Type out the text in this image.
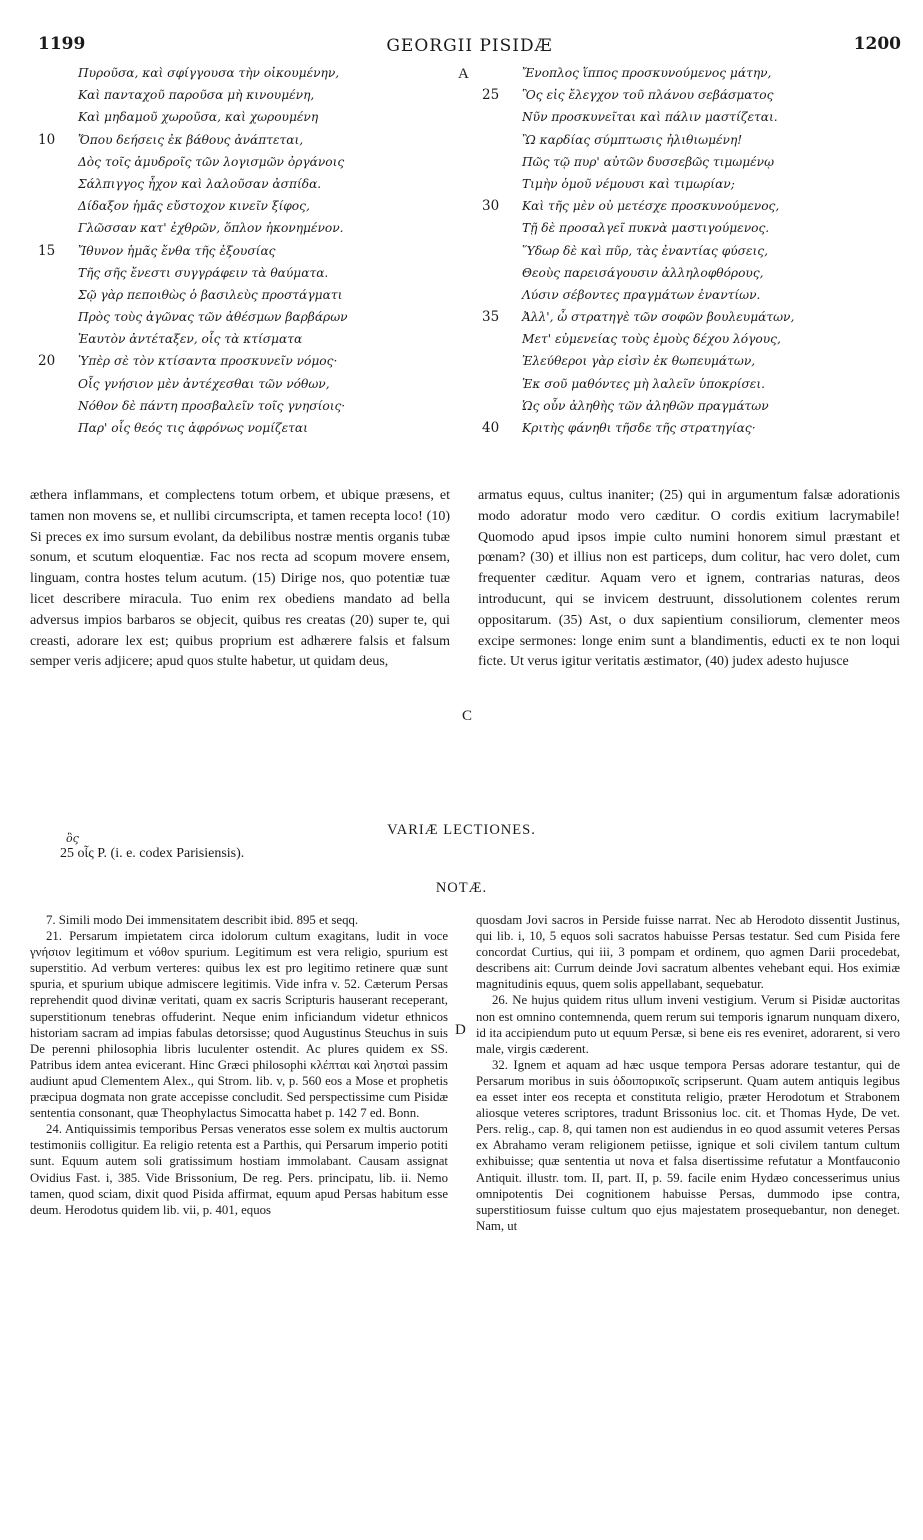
1199	GEORGII PISIDÆ	1200
A
C
D
Πυροῦσα, καὶ σφίγγουσα τὴν οἰκουμένην,
Καὶ πανταχοῦ παροῦσα μὴ κινουμένη,
Καὶ μηδαμοῦ χωροῦσα, καὶ χωρουμένη
10 Ὅπου δεήσεις ἐκ βάθους ἀνάπτεται,
Δὸς τοῖς ἀμυδροῖς τῶν λογισμῶν ὀργάνοις
Σάλπιγγος ἦχον καὶ λαλοῦσαν ἀσπίδα.
Δίδαξον ἡμᾶς εὔστοχον κινεῖν ξίφος,
Γλῶσσαν κατ' ἐχθρῶν, ὅπλον ἠκονημένον.
15 Ἴθυνον ἡμᾶς ἔνθα τῆς ἐξουσίας
Τῆς σῆς ἔνεστι συγγράφειν τὰ θαύματα.
Σῷ γὰρ πεποιθὼς ὁ βασιλεὺς προστάγματι
Πρὸς τοὺς ἀγῶνας τῶν ἀθέσμων βαρβάρων
Ἑαυτὸν ἀντέταξεν, οἷς τὰ κτίσματα
20 Ὑπὲρ σὲ τὸν κτίσαντα προσκυνεῖν νόμος·
Οἷς γνήσιον μὲν ἀντέχεσθαι τῶν νόθων,
Νόθον δὲ πάντη προσβαλεῖν τοῖς γνησίοις·
Παρ' οἷς θεός τις ἀφρόνως νομίζεται
Ἔνοπλος ἵππος προσκυνούμενος μάτην,
25 Ὃς εἰς ἔλεγχον τοῦ πλάνου σεβάσματος
Νῦν προσκυνεῖται καὶ πάλιν μαστίζεται.
Ὢ καρδίας σύμπτωσις ἠλιθιωμένη!
Πῶς τῷ πυρ' αὐτῶν δυσσεβῶς τιμωμένῳ
Τιμὴν ὁμοῦ νέμουσι καὶ τιμωρίαν;
30 Καὶ τῆς μὲν οὐ μετέσχε προσκυνούμενος,
Τῇ δὲ προσαλγεῖ πυκνὰ μαστιγούμενος.
Ὕδωρ δὲ καὶ πῦρ, τὰς ἐναντίας φύσεις,
Θεοὺς παρεισάγουσιν ἀλληλοφθόρους,
Λύσιν σέβοντες πραγμάτων ἐναντίων.
35 Ἀλλ', ὦ στρατηγὲ τῶν σοφῶν βουλευμάτων,
Μετ' εὐμενείας τοὺς ἐμοὺς δέχου λόγους,
Ἐλεύθεροι γὰρ εἰσὶν ἐκ θωπευμάτων,
Ἐκ σοῦ μαθόντες μὴ λαλεῖν ὑποκρίσει.
Ὡς οὖν ἀληθὴς τῶν ἀληθῶν πραγμάτων
40 Κριτὴς φάνηθι τῆσδε τῆς στρατηγίας·
æthera inflammans, et complectens totum orbem, et ubique præsens, et tamen non movens se, et nullibi circumscripta, et tamen recepta loco! (10) Si preces ex imo sursum evolant, da debilibus nostræ mentis organis tubæ sonum, et scutum eloquentiæ. Fac nos recta ad scopum movere ensem, linguam, contra hostes telum acutum. (15) Dirige nos, quo potentiæ tuæ licet describere miracula. Tuo enim rex obediens mandato ad bella adversus impios barbaros se objecit, quibus res creatas (20) super te, qui creasti, adorare lex est; quibus proprium est adhærere falsis et falsum semper veris adjicere; apud quos stulte habetur, ut quidam deus,
armatus equus, cultus inaniter; (25) qui in argumentum falsæ adorationis modo adoratur modo vero cæditur. O cordis exitium lacrymabile! Quomodo apud ipsos impie culto numini honorem simul præstant et pœnam? (30) et illius non est particeps, dum colitur, hac vero dolet, cum frequenter cæditur. Aquam vero et ignem, contrarias naturas, deos introducunt, qui se invicem destruunt, dissolutionem colentes rerum oppositarum. (35) Ast, o dux sapientium consiliorum, clementer meos excipe sermones: longe enim sunt a blandimentis, educti ex te non loqui ficte. Ut verus igitur veritatis æstimator, (40) judex adesto hujusce
VARIÆ LECTIONES.
ὃς
25 οἷς P. (i. e. codex Parisiensis).
NOTÆ.

7. Simili modo Dei immensitatem describit ibid. 895 et seqq.

21. Persarum impietatem circa idolorum cultum exagitans, ludit in voce γνήσιον legitimum et νόθον spurium. Legitimum est vera religio, spurium est superstitio. Ad verbum verteres: quibus lex est pro legitimo retinere quæ sunt spuria, et spurium ubique admiscere legitimis. Vide infra v. 52. Cæterum Persas reprehendit quod divinæ veritati, quam ex sacris Scripturis hauserant receperant, superstitionum tenebras offuderint. Neque enim inficiandum videtur ethnicos historiam sacram ad impias fabulas detorsisse; quod Augustinus Steuchus in suis De perenni philosophia libris luculenter ostendit. Ac plures quidem ex SS. Patribus idem antea evicerant. Hinc Græci philosophi κλέπται καὶ λησταὶ passim audiunt apud Clementem Alex., qui Strom. lib. v, p. 560 eos a Mose et prophetis præcipua dogmata non grate accepisse concludit. Sed perspectissime cum Pisidæ sententia consonant, quæ Theophylactus Simocatta habet p. 142 7 ed. Bonn.

24. Antiquissimis temporibus Persas veneratos esse solem ex multis auctorum testimoniis colligitur. Ea religio retenta est a Parthis, qui Persarum imperio potiti sunt. Equum autem soli gratissimum hostiam immolabant. Causam assignat Ovidius Fast. i, 385. Vide Brissonium, De reg. Pers. principatu, lib. ii. Nemo tamen, quod sciam, dixit quod Pisida affirmat, equum apud Persas habitum esse deum. Herodotus quidem lib. vii, p. 401, equos

quosdam Jovi sacros in Perside fuisse narrat. Nec ab Herodoto dissentit Justinus, qui lib. i, 10, 5 equos soli sacratos habuisse Persas testatur. Sed cum Pisida fere concordat Curtius, qui iii, 3 pompam et ordinem, quo agmen Darii procedebat, describens ait: Currum deinde Jovi sacratum albentes vehebant equi. Hos eximiæ magnitudinis equus, quem solis appellabant, sequebatur.

26. Ne hujus quidem ritus ullum inveni vestigium. Verum si Pisidæ auctoritas non est omnino contemnenda, quem rerum sui temporis ignarum nunquam dixero, id ita accipiendum puto ut equum Persæ, si bene eis res eveniret, adorarent, si vero male, virgis cæderent.

32. Ignem et aquam ad hæc usque tempora Persas adorare testantur, qui de Persarum moribus in suis ὁδοιπορικοῖς scripserunt. Quam autem antiquis legibus ea esset inter eos recepta et constituta religio, præter Herodotum et Strabonem aliosque veteres scriptores, tradunt Brissonius loc. cit. et Thomas Hyde, De vet. Pers. relig., cap. 8, qui tamen non est audiendus in eo quod assumit veteres Persas ex Abrahamo veram religionem petiisse, ignique et soli civilem tantum cultum exhibuisse; quæ sententia ut nova et falsa disertissime refutatur a Montfauconio Antiquit. illustr. tom. II, part. II, p. 59. facile enim Hydæo concesserimus unius omnipotentis Dei cognitionem habuisse Persas, dummodo ipse contra, superstitiosum fuisse cultum quo ejus majestatem prosequebantur, non deneget. Nam, ut
